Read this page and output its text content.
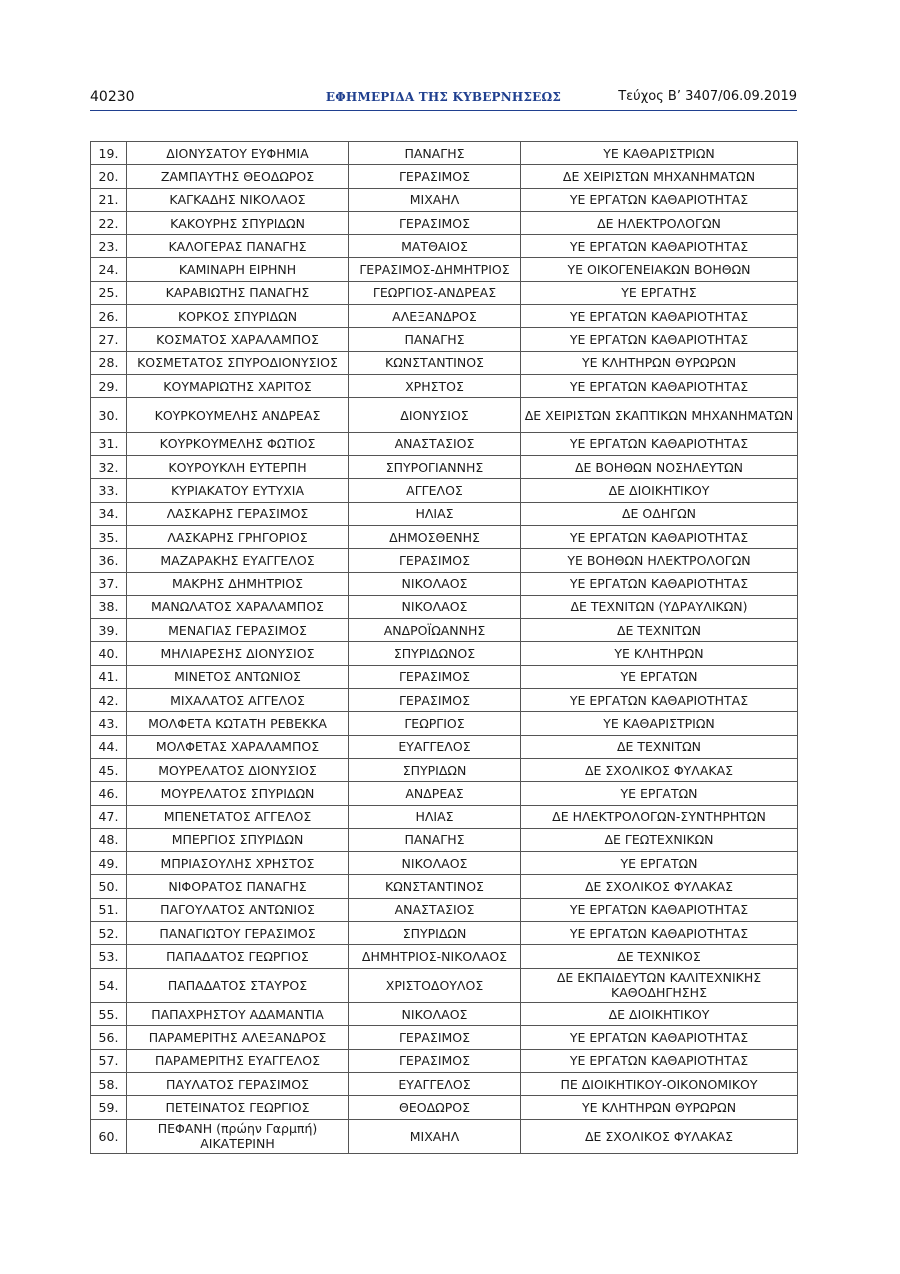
40230	ΕΦΗΜΕΡΙΔΑ ΤΗΣ ΚΥΒΕΡΝΗΣΕΩΣ	Τεύχος Β’ 3407/06.09.2019
19.	ΔΙΟΝΥΣΑΤΟΥ ΕΥΦΗΜΙΑ	ΠΑΝΑΓΗΣ	ΥΕ ΚΑΘΑΡΙΣΤΡΙΩΝ
20.	ΖΑΜΠΑΥΤΗΣ ΘΕΟΔΩΡΟΣ	ΓΕΡΑΣΙΜΟΣ	ΔΕ ΧΕΙΡΙΣΤΩΝ ΜΗΧΑΝΗΜΑΤΩΝ
21.	ΚΑΓΚΑΔΗΣ ΝΙΚΟΛΑΟΣ	ΜΙΧΑΗΛ	ΥΕ ΕΡΓΑΤΩΝ ΚΑΘΑΡΙΟΤΗΤΑΣ
22.	ΚΑΚΟΥΡΗΣ ΣΠΥΡΙΔΩΝ	ΓΕΡΑΣΙΜΟΣ	ΔΕ ΗΛΕΚΤΡΟΛΟΓΩΝ
23.	ΚΑΛΟΓΕΡΑΣ ΠΑΝΑΓΗΣ	ΜΑΤΘΑΙΟΣ	ΥΕ ΕΡΓΑΤΩΝ ΚΑΘΑΡΙΟΤΗΤΑΣ
24.	ΚΑΜΙΝΑΡΗ ΕΙΡΗΝΗ	ΓΕΡΑΣΙΜΟΣ-ΔΗΜΗΤΡΙΟΣ	ΥΕ ΟΙΚΟΓΕΝΕΙΑΚΩΝ ΒΟΗΘΩΝ
25.	ΚΑΡΑΒΙΩΤΗΣ ΠΑΝΑΓΗΣ	ΓΕΩΡΓΙΟΣ-ΑΝΔΡΕΑΣ	ΥΕ ΕΡΓΑΤΗΣ
26.	ΚΟΡΚΟΣ ΣΠΥΡΙΔΩΝ	ΑΛΕΞΑΝΔΡΟΣ	ΥΕ ΕΡΓΑΤΩΝ ΚΑΘΑΡΙΟΤΗΤΑΣ
27.	ΚΟΣΜΑΤΟΣ ΧΑΡΑΛΑΜΠΟΣ	ΠΑΝΑΓΗΣ	ΥΕ ΕΡΓΑΤΩΝ ΚΑΘΑΡΙΟΤΗΤΑΣ
28.	ΚΟΣΜΕΤΑΤΟΣ ΣΠΥΡΟΔΙΟΝΥΣΙΟΣ	ΚΩΝΣΤΑΝΤΙΝΟΣ	ΥΕ ΚΛΗΤΗΡΩΝ ΘΥΡΩΡΩΝ
29.	ΚΟΥΜΑΡΙΩΤΗΣ ΧΑΡΙΤΟΣ	ΧΡΗΣΤΟΣ	ΥΕ ΕΡΓΑΤΩΝ ΚΑΘΑΡΙΟΤΗΤΑΣ
30.	ΚΟΥΡΚΟΥΜΕΛΗΣ ΑΝΔΡΕΑΣ	ΔΙΟΝΥΣΙΟΣ	ΔΕ ΧΕΙΡΙΣΤΩΝ ΣΚΑΠΤΙΚΩΝ ΜΗΧΑΝΗΜΑΤΩΝ
31.	ΚΟΥΡΚΟΥΜΕΛΗΣ ΦΩΤΙΟΣ	ΑΝΑΣΤΑΣΙΟΣ	ΥΕ ΕΡΓΑΤΩΝ ΚΑΘΑΡΙΟΤΗΤΑΣ
32.	ΚΟΥΡΟΥΚΛΗ ΕΥΤΕΡΠΗ	ΣΠΥΡΟΓΙΑΝΝΗΣ	ΔΕ ΒΟΗΘΩΝ ΝΟΣΗΛΕΥΤΩΝ
33.	ΚΥΡΙΑΚΑΤΟΥ ΕΥΤΥΧΙΑ	ΑΓΓΕΛΟΣ	ΔΕ ΔΙΟΙΚΗΤΙΚΟΥ
34.	ΛΑΣΚΑΡΗΣ ΓΕΡΑΣΙΜΟΣ	ΗΛΙΑΣ	ΔΕ ΟΔΗΓΩΝ
35.	ΛΑΣΚΑΡΗΣ ΓΡΗΓΟΡΙΟΣ	ΔΗΜΟΣΘΕΝΗΣ	ΥΕ ΕΡΓΑΤΩΝ ΚΑΘΑΡΙΟΤΗΤΑΣ
36.	ΜΑΖΑΡΑΚΗΣ ΕΥΑΓΓΕΛΟΣ	ΓΕΡΑΣΙΜΟΣ	ΥΕ ΒΟΗΘΩΝ ΗΛΕΚΤΡΟΛΟΓΩΝ
37.	ΜΑΚΡΗΣ ΔΗΜΗΤΡΙΟΣ	ΝΙΚΟΛΑΟΣ	ΥΕ ΕΡΓΑΤΩΝ ΚΑΘΑΡΙΟΤΗΤΑΣ
38.	ΜΑΝΩΛΑΤΟΣ ΧΑΡΑΛΑΜΠΟΣ	ΝΙΚΟΛΑΟΣ	ΔΕ ΤΕΧΝΙΤΩΝ (ΥΔΡΑΥΛΙΚΩΝ)
39.	ΜΕΝΑΓΙΑΣ ΓΕΡΑΣΙΜΟΣ	ΑΝΔΡΟΪΩΑΝΝΗΣ	ΔΕ ΤΕΧΝΙΤΩΝ
40.	ΜΗΛΙΑΡΕΣΗΣ ΔΙΟΝΥΣΙΟΣ	ΣΠΥΡΙΔΩΝΟΣ	ΥΕ ΚΛΗΤΗΡΩΝ
41.	ΜΙΝΕΤΟΣ ΑΝΤΩΝΙΟΣ	ΓΕΡΑΣΙΜΟΣ	ΥΕ ΕΡΓΑΤΩΝ
42.	ΜΙΧΑΛΑΤΟΣ ΑΓΓΕΛΟΣ	ΓΕΡΑΣΙΜΟΣ	ΥΕ ΕΡΓΑΤΩΝ ΚΑΘΑΡΙΟΤΗΤΑΣ
43.	ΜΟΛΦΕΤΑ ΚΩΤΑΤΗ ΡΕΒΕΚΚΑ	ΓΕΩΡΓΙΟΣ	ΥΕ ΚΑΘΑΡΙΣΤΡΙΩΝ
44.	ΜΟΛΦΕΤΑΣ ΧΑΡΑΛΑΜΠΟΣ	ΕΥΑΓΓΕΛΟΣ	ΔΕ ΤΕΧΝΙΤΩΝ
45.	ΜΟΥΡΕΛΑΤΟΣ ΔΙΟΝΥΣΙΟΣ	ΣΠΥΡΙΔΩΝ	ΔΕ ΣΧΟΛΙΚΟΣ ΦΥΛΑΚΑΣ
46.	ΜΟΥΡΕΛΑΤΟΣ ΣΠΥΡΙΔΩΝ	ΑΝΔΡΕΑΣ	ΥΕ ΕΡΓΑΤΩΝ
47.	ΜΠΕΝΕΤΑΤΟΣ ΑΓΓΕΛΟΣ	ΗΛΙΑΣ	ΔΕ ΗΛΕΚΤΡΟΛΟΓΩΝ-ΣΥΝΤΗΡΗΤΩΝ
48.	ΜΠΕΡΓΙΟΣ ΣΠΥΡΙΔΩΝ	ΠΑΝΑΓΗΣ	ΔΕ ΓΕΩΤΕΧΝΙΚΩΝ
49.	ΜΠΡΙΑΣΟΥΛΗΣ ΧΡΗΣΤΟΣ	ΝΙΚΟΛΑΟΣ	ΥΕ ΕΡΓΑΤΩΝ
50.	ΝΙΦΟΡΑΤΟΣ ΠΑΝΑΓΗΣ	ΚΩΝΣΤΑΝΤΙΝΟΣ	ΔΕ ΣΧΟΛΙΚΟΣ ΦΥΛΑΚΑΣ
51.	ΠΑΓΟΥΛΑΤΟΣ ΑΝΤΩΝΙΟΣ	ΑΝΑΣΤΑΣΙΟΣ	ΥΕ ΕΡΓΑΤΩΝ ΚΑΘΑΡΙΟΤΗΤΑΣ
52.	ΠΑΝΑΓΙΩΤΟΥ ΓΕΡΑΣΙΜΟΣ	ΣΠΥΡΙΔΩΝ	ΥΕ ΕΡΓΑΤΩΝ ΚΑΘΑΡΙΟΤΗΤΑΣ
53.	ΠΑΠΑΔΑΤΟΣ ΓΕΩΡΓΙΟΣ	ΔΗΜΗΤΡΙΟΣ-ΝΙΚΟΛΑΟΣ	ΔΕ ΤΕΧΝΙΚΟΣ
54.	ΠΑΠΑΔΑΤΟΣ ΣΤΑΥΡΟΣ	ΧΡΙΣΤΟΔΟΥΛΟΣ	ΔΕ ΕΚΠΑΙΔΕΥΤΩΝ ΚΑΛΙΤΕΧΝΙΚΗΣ ΚΑΘΟΔΗΓΗΣΗΣ
55.	ΠΑΠΑΧΡΗΣΤΟΥ ΑΔΑΜΑΝΤΙΑ	ΝΙΚΟΛΑΟΣ	ΔΕ ΔΙΟΙΚΗΤΙΚΟΥ
56.	ΠΑΡΑΜΕΡΙΤΗΣ ΑΛΕΞΑΝΔΡΟΣ	ΓΕΡΑΣΙΜΟΣ	ΥΕ ΕΡΓΑΤΩΝ ΚΑΘΑΡΙΟΤΗΤΑΣ
57.	ΠΑΡΑΜΕΡΙΤΗΣ ΕΥΑΓΓΕΛΟΣ	ΓΕΡΑΣΙΜΟΣ	ΥΕ ΕΡΓΑΤΩΝ ΚΑΘΑΡΙΟΤΗΤΑΣ
58.	ΠΑΥΛΑΤΟΣ ΓΕΡΑΣΙΜΟΣ	ΕΥΑΓΓΕΛΟΣ	ΠΕ ΔΙΟΙΚΗΤΙΚΟΥ-ΟΙΚΟΝΟΜΙΚΟΥ
59.	ΠΕΤΕΙΝΑΤΟΣ ΓΕΩΡΓΙΟΣ	ΘΕΟΔΩΡΟΣ	ΥΕ ΚΛΗΤΗΡΩΝ ΘΥΡΩΡΩΝ
60.	ΠΕΦΑΝΗ (πρώην Γαρμπή) ΑΙΚΑΤΕΡΙΝΗ	ΜΙΧΑΗΛ	ΔΕ ΣΧΟΛΙΚΟΣ ΦΥΛΑΚΑΣ
